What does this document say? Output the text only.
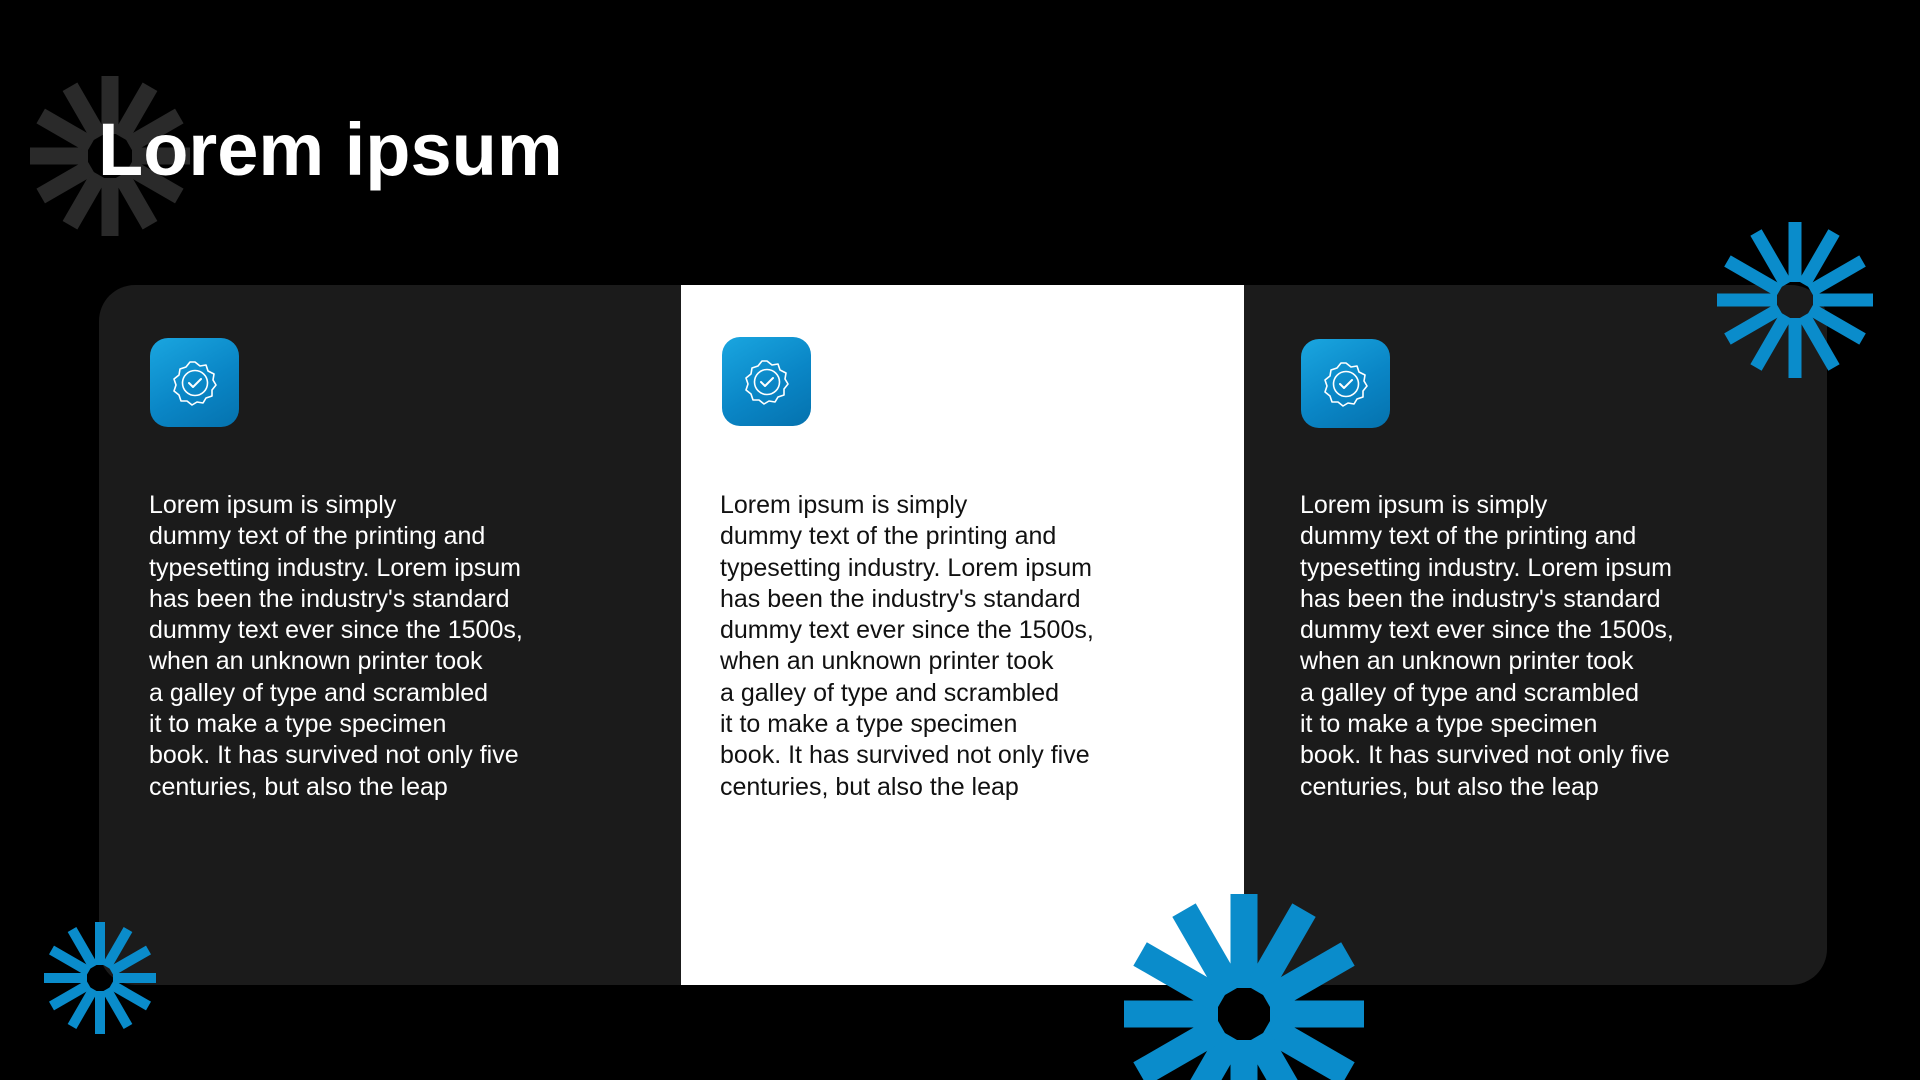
Lorem ipsum

Lorem ipsum is simply
dummy text of the printing and
typesetting industry. Lorem ipsum
has been the industry's standard
dummy text ever since the 1500s,
when an unknown printer took
a galley of type and scrambled
it to make a type specimen
book. It has survived not only five
centuries, but also the leap

Lorem ipsum is simply
dummy text of the printing and
typesetting industry. Lorem ipsum
has been the industry's standard
dummy text ever since the 1500s,
when an unknown printer took
a galley of type and scrambled
it to make a type specimen
book. It has survived not only five
centuries, but also the leap

Lorem ipsum is simply
dummy text of the printing and
typesetting industry. Lorem ipsum
has been the industry's standard
dummy text ever since the 1500s,
when an unknown printer took
a galley of type and scrambled
it to make a type specimen
book. It has survived not only five
centuries, but also the leap
